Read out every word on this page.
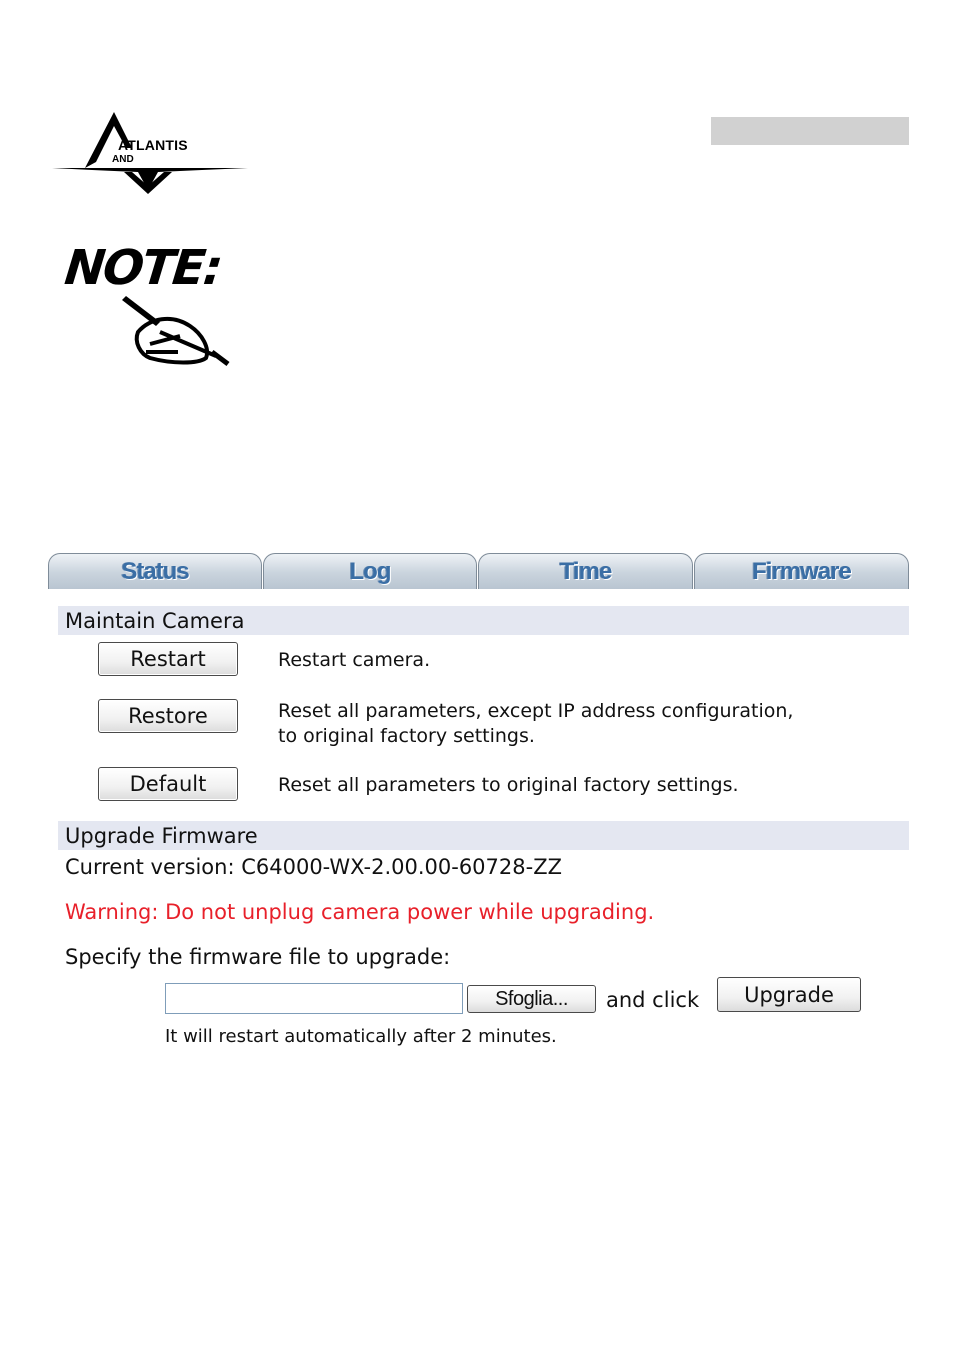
ATLANTIS
AND
NOTE:
Status	Log	Time	Firmware
Maintain Camera
Restart	Restart camera.
Restore	Reset all parameters, except IP address configuration,
to original factory settings.
Default	Reset all parameters to original factory settings.
Upgrade Firmware
Current version: C64000-WX-2.00.00-60728-ZZ
Warning: Do not unplug camera power while upgrading.
Specify the firmware file to upgrade:
Sfoglia...	and click	Upgrade
It will restart automatically after 2 minutes.
